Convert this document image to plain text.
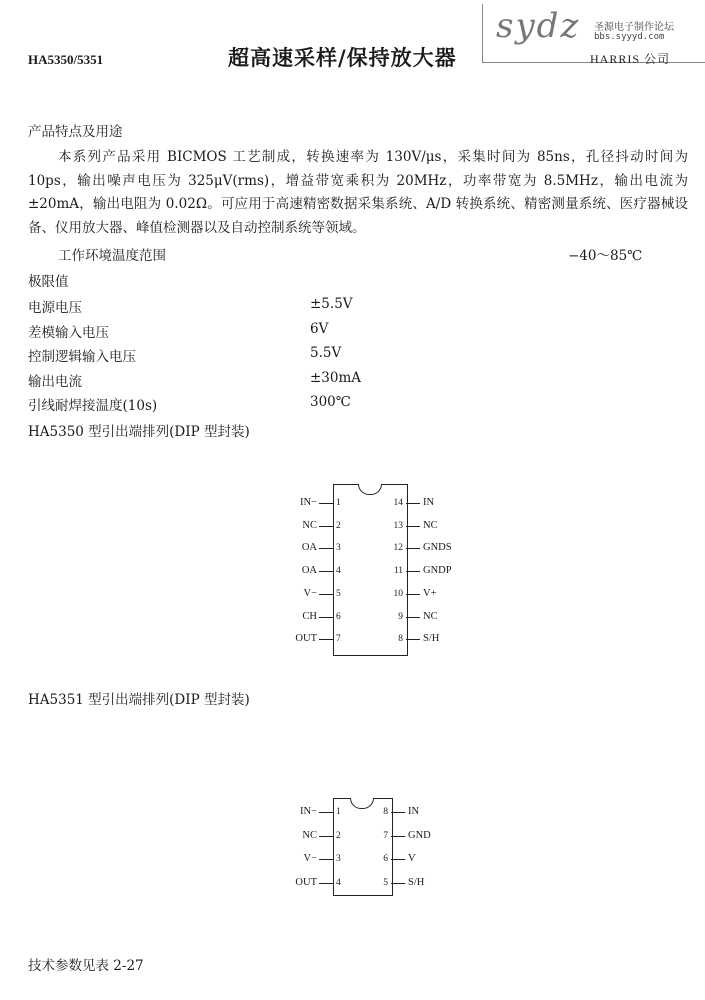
HA5350/5351	超高速采样/保持放大器
sydz 圣源电子制作论坛
bbs.syyyd.com
HARRIS 公司
产品特点及用途
本系列产品采用 BICMOS 工艺制成，转换速率为 130V/μs，采集时间为 85ns，孔径抖动时间为 10ps，输出噪声电压为 325μV(rms)，增益带宽乘积为 20MHz，功率带宽为 8.5MHz，输出电流为±20mA，输出电阻为 0.02Ω。可应用于高速精密数据采集系统、A/D 转换系统、精密测量系统、医疗器械设备、仪用放大器、峰值检测器以及自动控制系统等领域。
工作环境温度范围	−40～85℃
极限值
电源电压	±5.5V
差模输入电压	6V
控制逻辑输入电压	5.5V
输出电流	±30mA
引线耐焊接温度(10s)	300℃
HA5350 型引出端排列(DIP 型封装)
IN− 1
NC 2
OA 3
OA 4
V− 5
CH 6
OUT 7
IN
14
NC
13
GNDS
12
GNDP
11
V+
10
NC
9
S/H
8
HA5351 型引出端排列(DIP 型封装)
IN− 1
NC 2
V− 3
OUT 4
IN
8
GND
7
V
6
S/H
5
技术参数见表 2-27
